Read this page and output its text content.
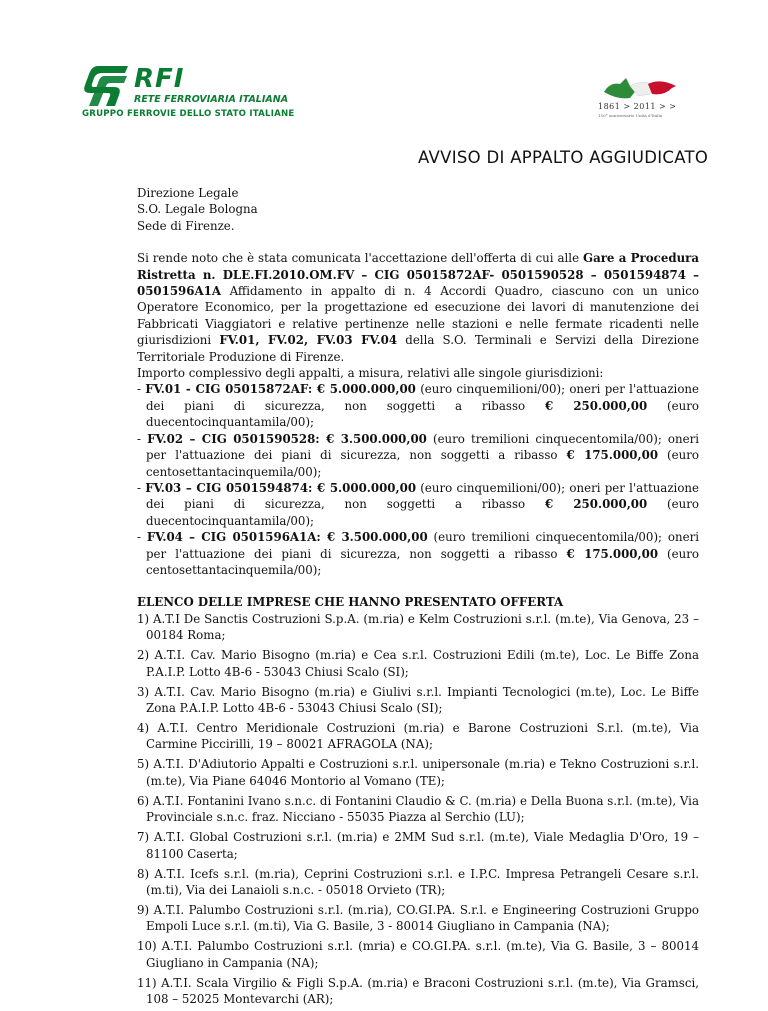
RFI
RETE FERROVIARIA ITALIANA
GRUPPO FERROVIE DELLO STATO ITALIANE
1861 > 2011 > >
150° anniversario Unità d'Italia
AVVISO DI APPALTO AGGIUDICATO

Direzione Legale

S.O. Legale Bologna

Sede di Firenze.

Si rende noto che è stata comunicata l'accettazione dell'offerta di cui alle Gare a Procedura Ristretta n. DLE.FI.2010.OM.FV – CIG 05015872AF- 0501590528 – 0501594874 – 0501596A1A Affidamento in appalto di n. 4 Accordi Quadro, ciascuno con un unico Operatore Economico, per la progettazione ed esecuzione dei lavori di manutenzione dei Fabbricati Viaggiatori e relative pertinenze nelle stazioni e nelle fermate ricadenti nelle giurisdizioni FV.01, FV.02, FV.03 FV.04 della S.O. Terminali e Servizi della Direzione Territoriale Produzione di Firenze.

Importo complessivo degli appalti, a misura, relativi alle singole giurisdizioni:

- FV.01 - CIG 05015872AF: € 5.000.000,00 (euro cinquemilioni/00); oneri per l'attuazione dei piani di sicurezza, non soggetti a ribasso € 250.000,00 (euro duecentocinquantamila/00);

- FV.02 – CIG 0501590528: € 3.500.000,00 (euro tremilioni cinquecentomila/00); oneri per l'attuazione dei piani di sicurezza, non soggetti a ribasso € 175.000,00 (euro centosettantacinquemila/00);

- FV.03 – CIG 0501594874: € 5.000.000,00 (euro cinquemilioni/00); oneri per l'attuazione dei piani di sicurezza, non soggetti a ribasso € 250.000,00 (euro duecentocinquantamila/00);

- FV.04 – CIG 0501596A1A: € 3.500.000,00 (euro tremilioni cinquecentomila/00); oneri per l'attuazione dei piani di sicurezza, non soggetti a ribasso € 175.000,00 (euro centosettantacinquemila/00);

ELENCO DELLE IMPRESE CHE HANNO PRESENTATO OFFERTA

1) A.T.I De Sanctis Costruzioni S.p.A. (m.ria) e Kelm Costruzioni s.r.l. (m.te), Via Genova, 23 – 00184 Roma;
2) A.T.I. Cav. Mario Bisogno (m.ria) e Cea s.r.l. Costruzioni Edili (m.te), Loc. Le Biffe Zona P.A.I.P. Lotto 4B-6 - 53043 Chiusi Scalo (SI);
3) A.T.I. Cav. Mario Bisogno (m.ria) e Giulivi s.r.l. Impianti Tecnologici (m.te), Loc. Le Biffe Zona P.A.I.P. Lotto 4B-6 - 53043 Chiusi Scalo (SI);
4) A.T.I. Centro Meridionale Costruzioni (m.ria) e Barone Costruzioni S.r.l. (m.te), Via Carmine Piccirilli, 19 – 80021 AFRAGOLA (NA);
5) A.T.I. D'Adiutorio Appalti e Costruzioni s.r.l. unipersonale (m.ria) e Tekno Costruzioni s.r.l. (m.te), Via Piane 64046 Montorio al Vomano (TE);
6) A.T.I. Fontanini Ivano s.n.c. di Fontanini Claudio & C. (m.ria) e Della Buona s.r.l. (m.te), Via Provinciale s.n.c. fraz. Nicciano - 55035 Piazza al Serchio (LU);
7) A.T.I. Global Costruzioni s.r.l. (m.ria) e 2MM Sud s.r.l. (m.te), Viale Medaglia D'Oro, 19 – 81100 Caserta;
8) A.T.I. Icefs s.r.l. (m.ria), Ceprini Costruzioni s.r.l. e I.P.C. Impresa Petrangeli Cesare s.r.l. (m.ti), Via dei Lanaioli s.n.c. - 05018 Orvieto (TR);
9) A.T.I. Palumbo Costruzioni s.r.l. (m.ria), CO.GI.PA. S.r.l. e Engineering Costruzioni Gruppo Empoli Luce s.r.l. (m.ti), Via G. Basile, 3 - 80014 Giugliano in Campania (NA);
10) A.T.I. Palumbo Costruzioni s.r.l. (mria) e CO.GI.PA. s.r.l. (m.te), Via G. Basile, 3 – 80014 Giugliano in Campania (NA);
11) A.T.I. Scala Virgilio & Figli S.p.A. (m.ria) e Braconi Costruzioni s.r.l. (m.te), Via Gramsci, 108 – 52025 Montevarchi (AR);
